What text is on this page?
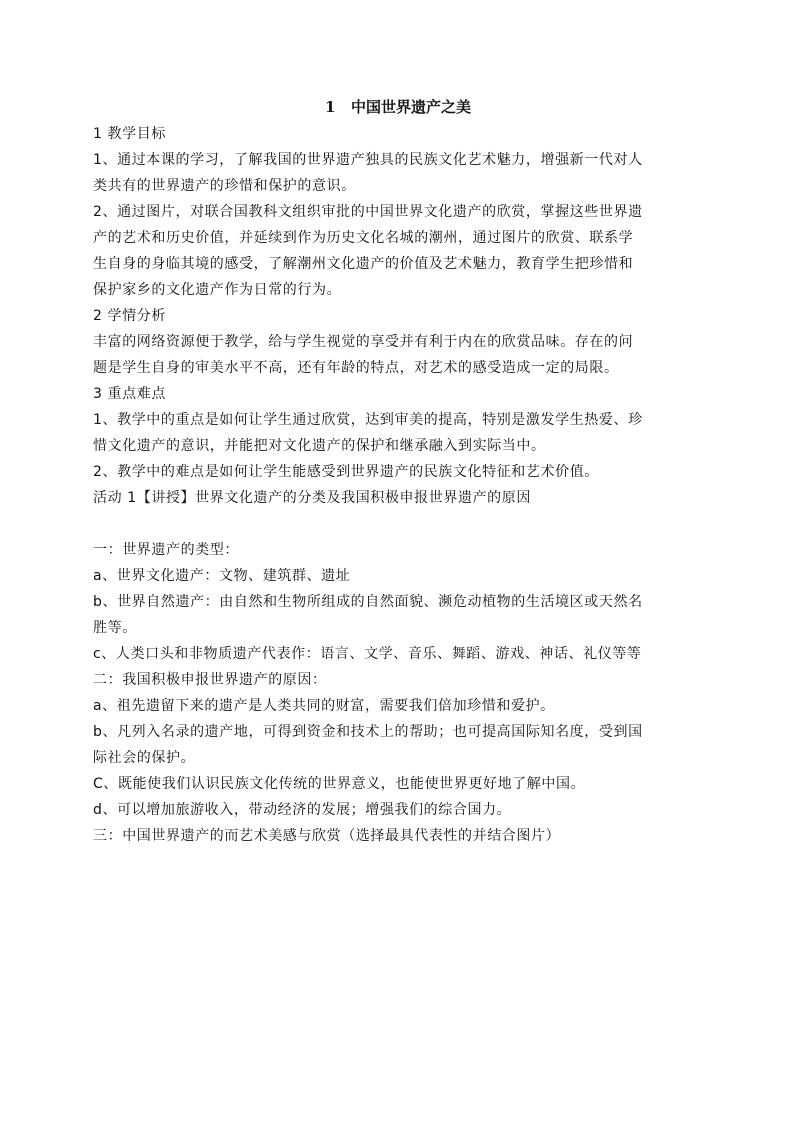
1   中国世界遗产之美
1 教学目标
1、通过本课的学习，了解我国的世界遗产独具的民族文化艺术魅力，增强新一代对人
类共有的世界遗产的珍惜和保护的意识。
2、通过图片，对联合国教科文组织审批的中国世界文化遗产的欣赏，掌握这些世界遗
产的艺术和历史价值，并延续到作为历史文化名城的潮州，通过图片的欣赏、联系学
生自身的身临其境的感受，了解潮州文化遗产的价值及艺术魅力，教育学生把珍惜和
保护家乡的文化遗产作为日常的行为。
2 学情分析
丰富的网络资源便于教学，给与学生视觉的享受并有利于内在的欣赏品味。存在的问
题是学生自身的审美水平不高，还有年龄的特点，对艺术的感受造成一定的局限。
3 重点难点
1、教学中的重点是如何让学生通过欣赏，达到审美的提高，特别是激发学生热爱、珍
惜文化遗产的意识，并能把对文化遗产的保护和继承融入到实际当中。
2、教学中的难点是如何让学生能感受到世界遗产的民族文化特征和艺术价值。
活动 1【讲授】世界文化遗产的分类及我国积极申报世界遗产的原因
一：世界遗产的类型：
a、世界文化遗产：文物、建筑群、遗址
b、世界自然遗产：由自然和生物所组成的自然面貌、濒危动植物的生活境区或天然名
胜等。
c、人类口头和非物质遗产代表作：语言、文学、音乐、舞蹈、游戏、神话、礼仪等等
二：我国积极申报世界遗产的原因：
a、祖先遗留下来的遗产是人类共同的财富，需要我们倍加珍惜和爱护。
b、凡列入名录的遗产地，可得到资金和技术上的帮助；也可提高国际知名度，受到国
际社会的保护。
C、既能使我们认识民族文化传统的世界意义，也能使世界更好地了解中国。
d、可以增加旅游收入，带动经济的发展；增强我们的综合国力。
三：中国世界遗产的而艺术美感与欣赏（选择最具代表性的并结合图片）
